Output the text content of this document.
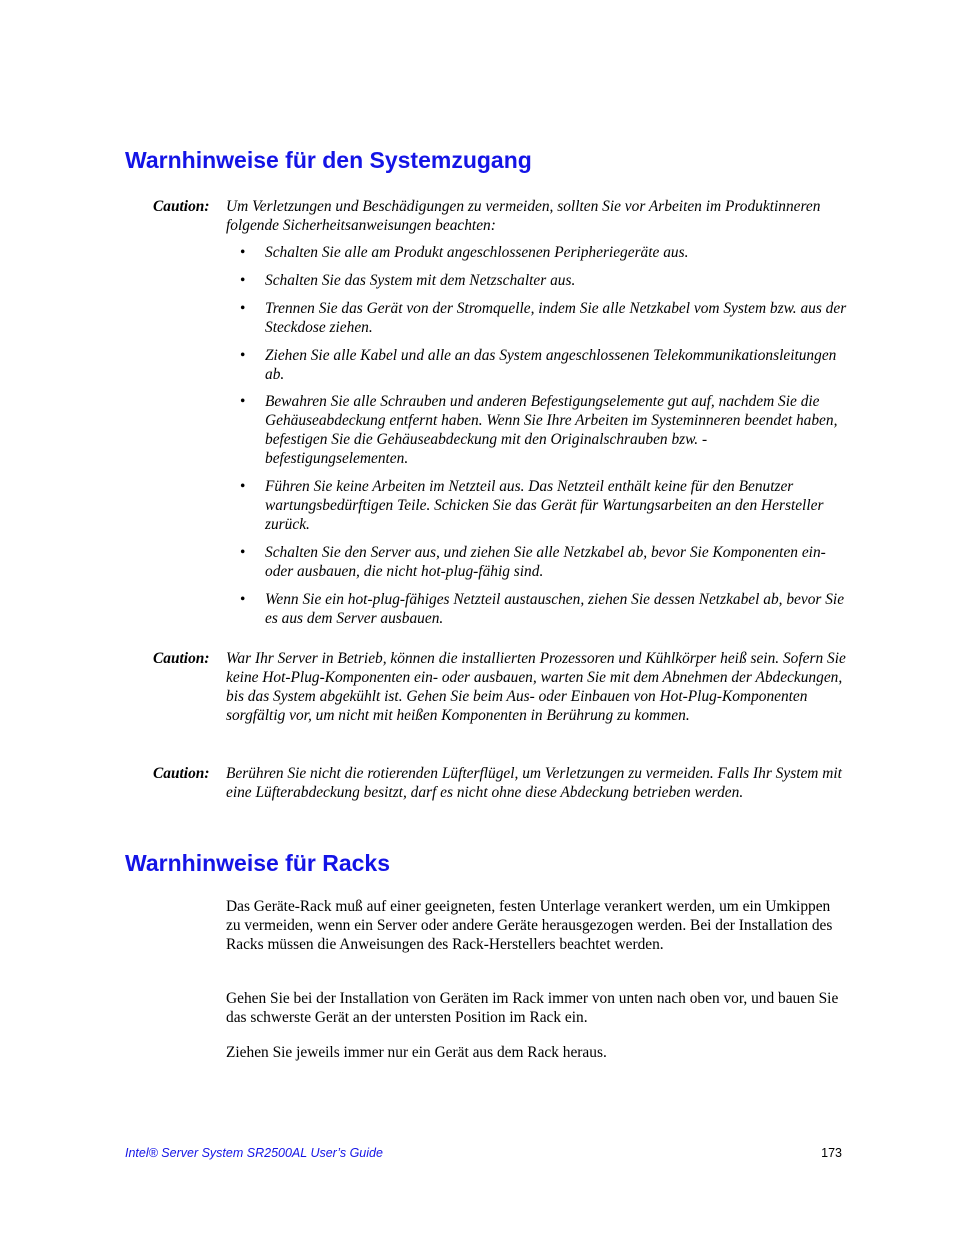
Warnhinweise für den Systemzugang
Caution: Um Verletzungen und Beschädigungen zu vermeiden, sollten Sie vor Arbeiten im Produktinneren folgende Sicherheitsanweisungen beachten:
• Schalten Sie alle am Produkt angeschlossenen Peripheriegeräte aus.
• Schalten Sie das System mit dem Netzschalter aus.
• Trennen Sie das Gerät von der Stromquelle, indem Sie alle Netzkabel vom System bzw. aus der Steckdose ziehen.
• Ziehen Sie alle Kabel und alle an das System angeschlossenen Telekommunikationsleitungen ab.
• Bewahren Sie alle Schrauben und anderen Befestigungselemente gut auf, nachdem Sie die Gehäuseabdeckung entfernt haben. Wenn Sie Ihre Arbeiten im Systeminneren beendet haben, befestigen Sie die Gehäuseabdeckung mit den Originalschrauben bzw. -befestigungselementen.
• Führen Sie keine Arbeiten im Netzteil aus. Das Netzteil enthält keine für den Benutzer wartungsbedürftigen Teile. Schicken Sie das Gerät für Wartungsarbeiten an den Hersteller zurück.
• Schalten Sie den Server aus, und ziehen Sie alle Netzkabel ab, bevor Sie Komponenten ein- oder ausbauen, die nicht hot-plug-fähig sind.
• Wenn Sie ein hot-plug-fähiges Netzteil austauschen, ziehen Sie dessen Netzkabel ab, bevor Sie es aus dem Server ausbauen.
Caution: War Ihr Server in Betrieb, können die installierten Prozessoren und Kühlkörper heiß sein. Sofern Sie keine Hot-Plug-Komponenten ein- oder ausbauen, warten Sie mit dem Abnehmen der Abdeckungen, bis das System abgekühlt ist. Gehen Sie beim Aus- oder Einbauen von Hot-Plug-Komponenten sorgfältig vor, um nicht mit heißen Komponenten in Berührung zu kommen.
Caution: Berühren Sie nicht die rotierenden Lüfterflügel, um Verletzungen zu vermeiden. Falls Ihr System mit eine Lüfterabdeckung besitzt, darf es nicht ohne diese Abdeckung betrieben werden.
Warnhinweise für Racks

Das Geräte-Rack muß auf einer geeigneten, festen Unterlage verankert werden, um ein Umkippen zu vermeiden, wenn ein Server oder andere Geräte herausgezogen werden. Bei der Installation des Racks müssen die Anweisungen des Rack-Herstellers beachtet werden.

Gehen Sie bei der Installation von Geräten im Rack immer von unten nach oben vor, und bauen Sie das schwerste Gerät an der untersten Position im Rack ein.

Ziehen Sie jeweils immer nur ein Gerät aus dem Rack heraus.

Intel® Server System SR2500AL User’s Guide	173
